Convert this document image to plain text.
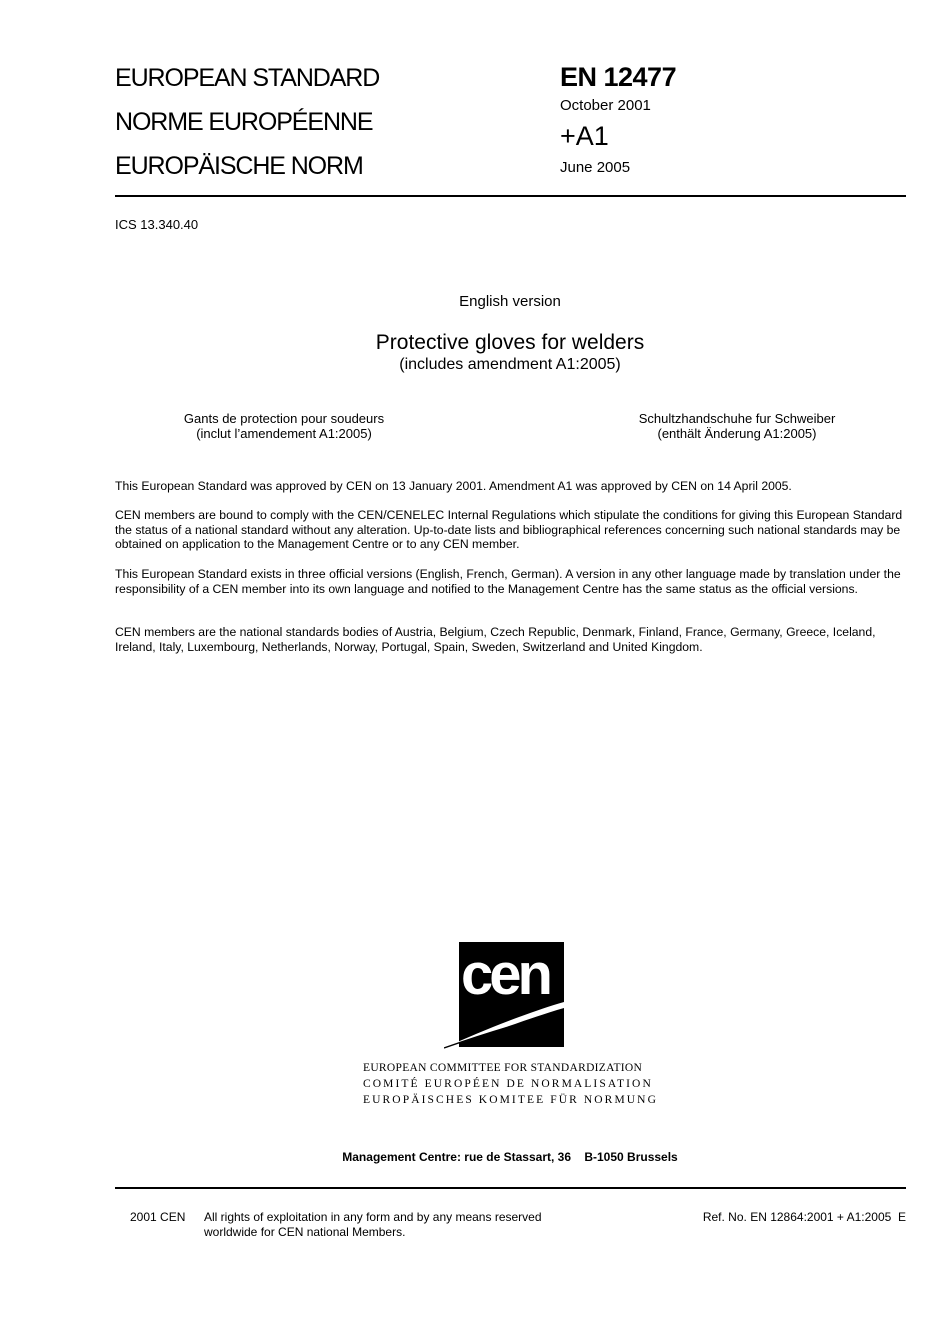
EUROPEAN STANDARD
NORME EUROPÉENNE
EUROPÄISCHE NORM
EN 12477
October 2001
+A1
June 2005
ICS 13.340.40
English version
Protective gloves for welders
(includes amendment A1:2005)
Gants de protection pour soudeurs
(inclut l’amendement A1:2005)
Schultzhandschuhe fur Schweiber
(enthält Änderung A1:2005)
This European Standard was approved by CEN on 13 January 2001. Amendment A1 was approved by CEN on 14 April 2005.
CEN members are bound to comply with the CEN/CENELEC Internal Regulations which stipulate the conditions for giving this European Standard the status of a national standard without any alteration. Up-to-date lists and bibliographical references concerning such national standards may be obtained on application to the Management Centre or to any CEN member.
This European Standard exists in three official versions (English, French, German). A version in any other language made by translation under the responsibility of a CEN member into its own language and notified to the Management Centre has the same status as the official versions.
CEN members are the national standards bodies of Austria, Belgium, Czech Republic, Denmark, Finland, France, Germany, Greece, Iceland, Ireland, Italy, Luxembourg, Netherlands, Norway, Portugal, Spain, Sweden, Switzerland and United Kingdom.
cen
EUROPEAN COMMITTEE FOR STANDARDIZATION
COMITÉ EUROPÉEN DE NORMALISATION
EUROPÄISCHES KOMITEE FÜR NORMUNG
Management Centre: rue de Stassart, 36    B-1050 Brussels
2001 CEN All rights of exploitation in any form and by any means reserved
worldwide for CEN national Members.
Ref. No. EN 12864:2001 + A1:2005  E
